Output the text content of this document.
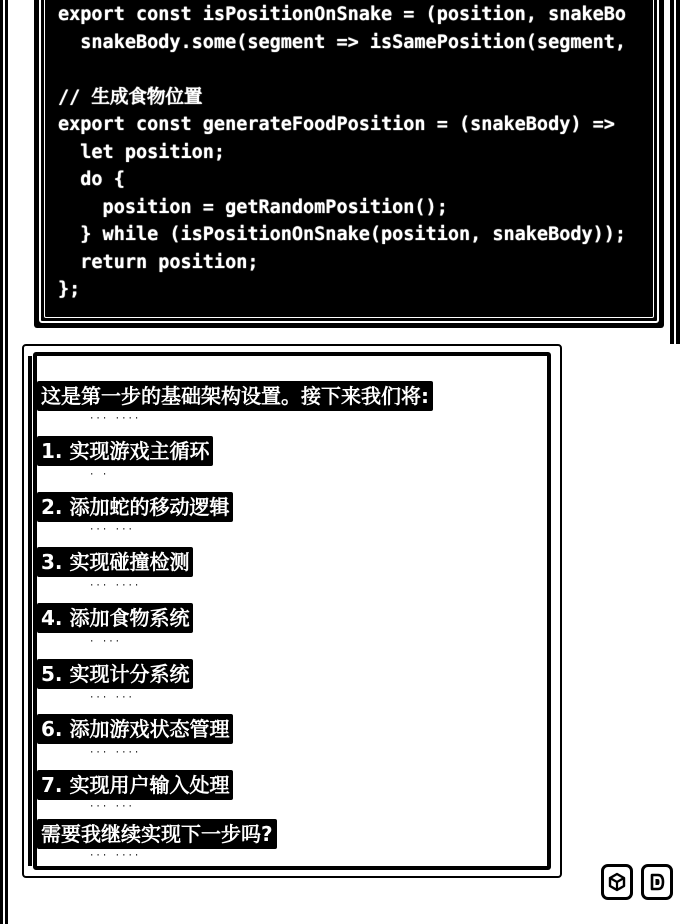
export const isPositionOnSnake = (position, snakeBo

snakeBody.some(segment => isSamePosition(segment,

// 生成食物位置

export const generateFoodPosition = (snakeBody) =>

let position;

do {

position = getRandomPosition();

} while (isPositionOnSnake(position, snakeBody));

return position;

};

这是第一步的基础架构设置。接下来我们将:
··· ····
1. 实现游戏主循环
· ·
2. 添加蛇的移动逻辑
··· ···
3. 实现碰撞检测
··· ····
4. 添加食物系统
· ···
5. 实现计分系统
··· ···
6. 添加游戏状态管理
··· ····
7. 实现用户输入处理
··· ···
需要我继续实现下一步吗?
··· ····
